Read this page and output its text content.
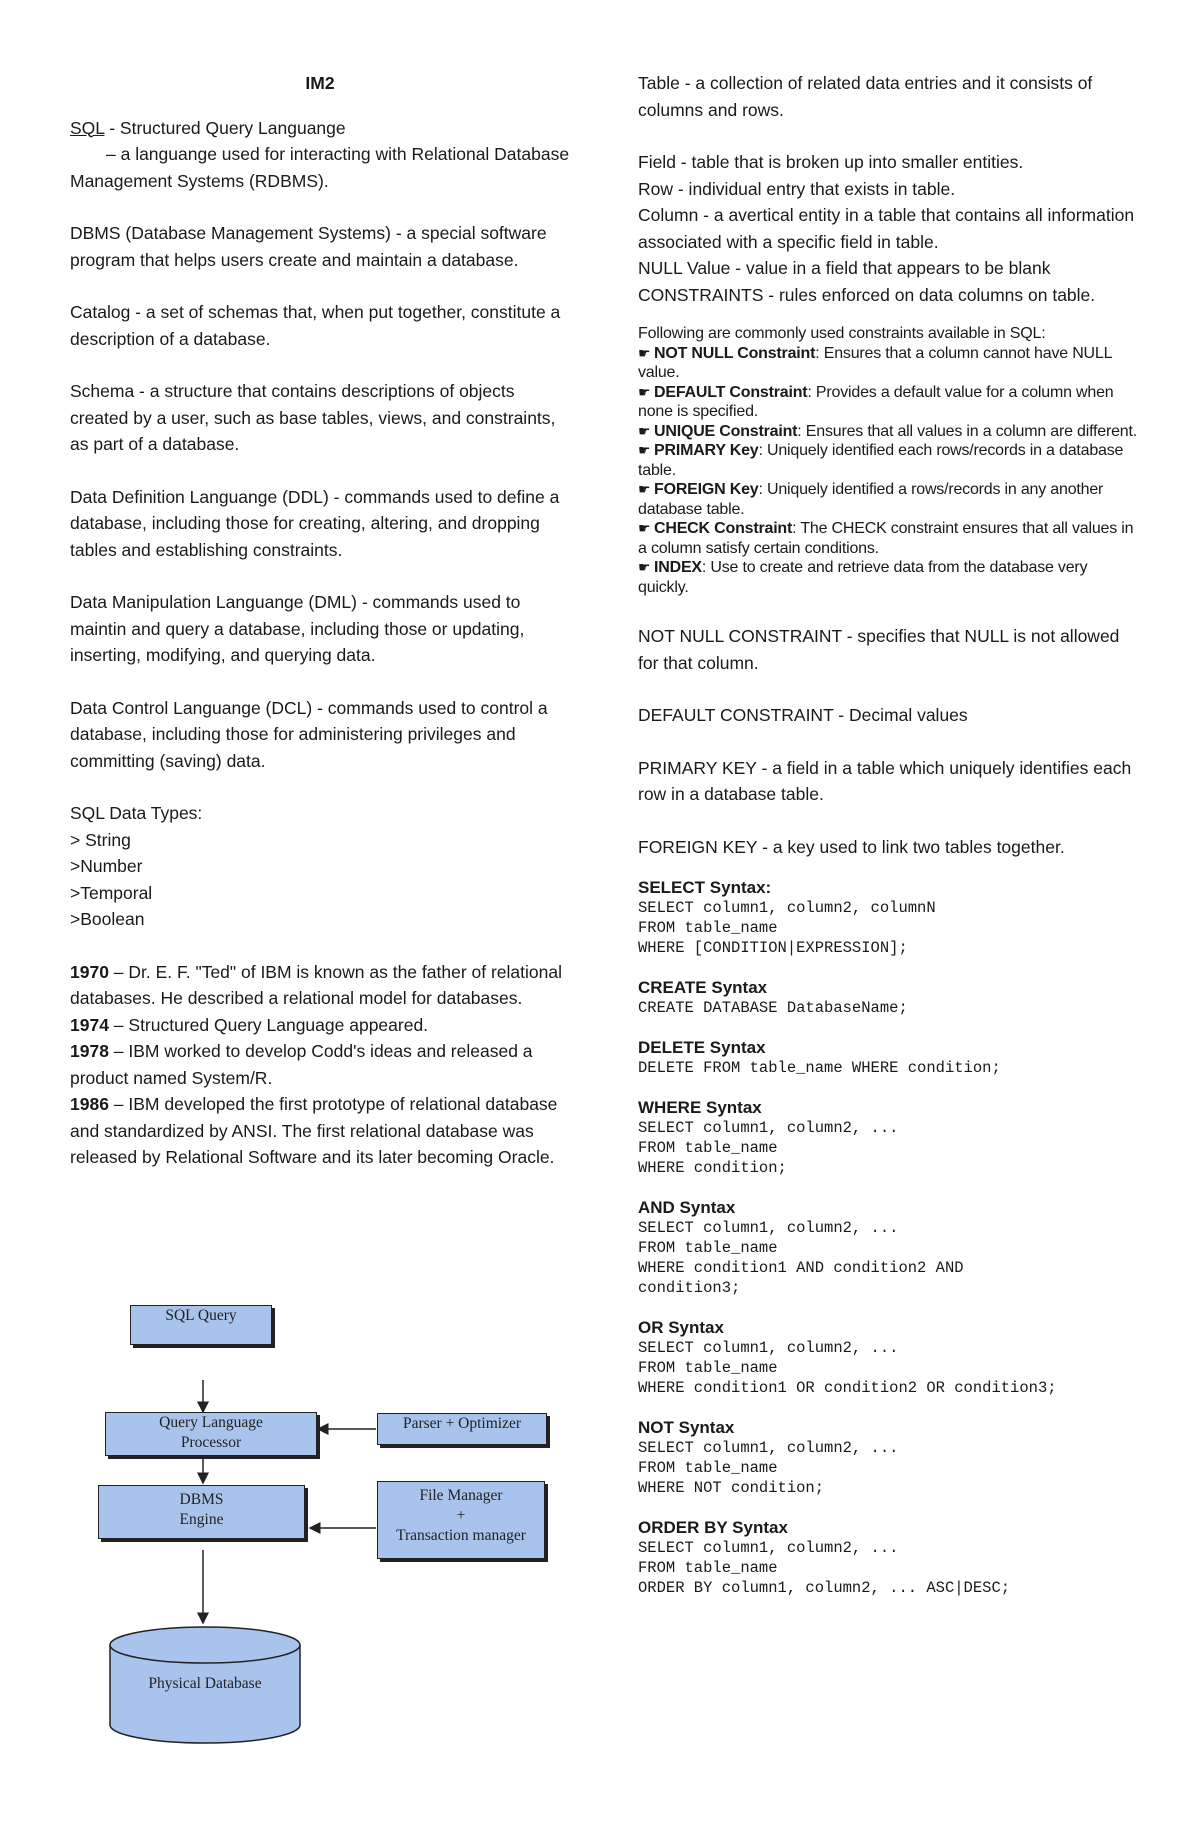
IM2
SQL - Structured Query Languange
– a languange used for interacting with Relational Database Management Systems (RDBMS).
DBMS (Database Management Systems) - a special software program that helps users create and maintain a database.
Catalog - a set of schemas that, when put together, constitute a description of a database.
Schema - a structure that contains descriptions of objects created by a user, such as base tables, views, and constraints, as part of a database.
Data Definition Languange (DDL) - commands used to define a database, including those for creating, altering, and dropping tables and establishing constraints.
Data Manipulation Languange (DML) - commands used to maintin and query a database, including those or updating, inserting, modifying, and querying data.
Data Control Languange (DCL) - commands used to control a database, including those for administering privileges and committing (saving) data.
SQL Data Types:
> String
>Number
>Temporal
>Boolean
1970 – Dr. E. F. "Ted" of IBM is known as the father of relational databases. He described a relational model for databases.
1974 – Structured Query Language appeared.
1978 – IBM worked to develop Codd's ideas and released a product named System/R.
1986 – IBM developed the first prototype of relational database and standardized by ANSI. The first relational database was released by Relational Software and its later becoming Oracle.
SQL Query
Query Language
Processor
Parser + Optimizer
DBMS
Engine
File Manager
+
Transaction manager
Physical Database
Table - a collection of related data entries and it consists of columns and rows.
Field - table that is broken up into smaller entities.
Row - individual entry that exists in table.
Column - a avertical entity in a table that contains all information associated with a specific field in table.
NULL Value - value in a field that appears to be blank
CONSTRAINTS - rules enforced on data columns on table.
Following are commonly used constraints available in SQL:
☛ NOT NULL Constraint: Ensures that a column cannot have NULL value.
☛ DEFAULT Constraint: Provides a default value for a column when none is specified.
☛ UNIQUE Constraint: Ensures that all values in a column are different.
☛ PRIMARY Key: Uniquely identified each rows/records in a database table.
☛ FOREIGN Key: Uniquely identified a rows/records in any another database table.
☛ CHECK Constraint: The CHECK constraint ensures that all values in a column satisfy certain conditions.
☛ INDEX: Use to create and retrieve data from the database very quickly.
NOT NULL CONSTRAINT - specifies that NULL is not allowed for that column.
DEFAULT CONSTRAINT - Decimal values
PRIMARY KEY - a field in a table which uniquely identifies each row in a database table.
FOREIGN KEY - a key used to link two tables together.
SELECT Syntax:
SELECT column1, column2, columnN
FROM table_name
WHERE [CONDITION|EXPRESSION];
CREATE Syntax
CREATE DATABASE DatabaseName;
DELETE Syntax
DELETE FROM table_name WHERE condition;
WHERE Syntax
SELECT column1, column2, ...
FROM table_name
WHERE condition;
AND Syntax
SELECT column1, column2, ...
FROM table_name
WHERE condition1 AND condition2 AND
condition3;
OR Syntax
SELECT column1, column2, ...
FROM table_name
WHERE condition1 OR condition2 OR condition3;
NOT Syntax
SELECT column1, column2, ...
FROM table_name
WHERE NOT condition;
ORDER BY Syntax
SELECT column1, column2, ...
FROM table_name
ORDER BY column1, column2, ... ASC|DESC;
